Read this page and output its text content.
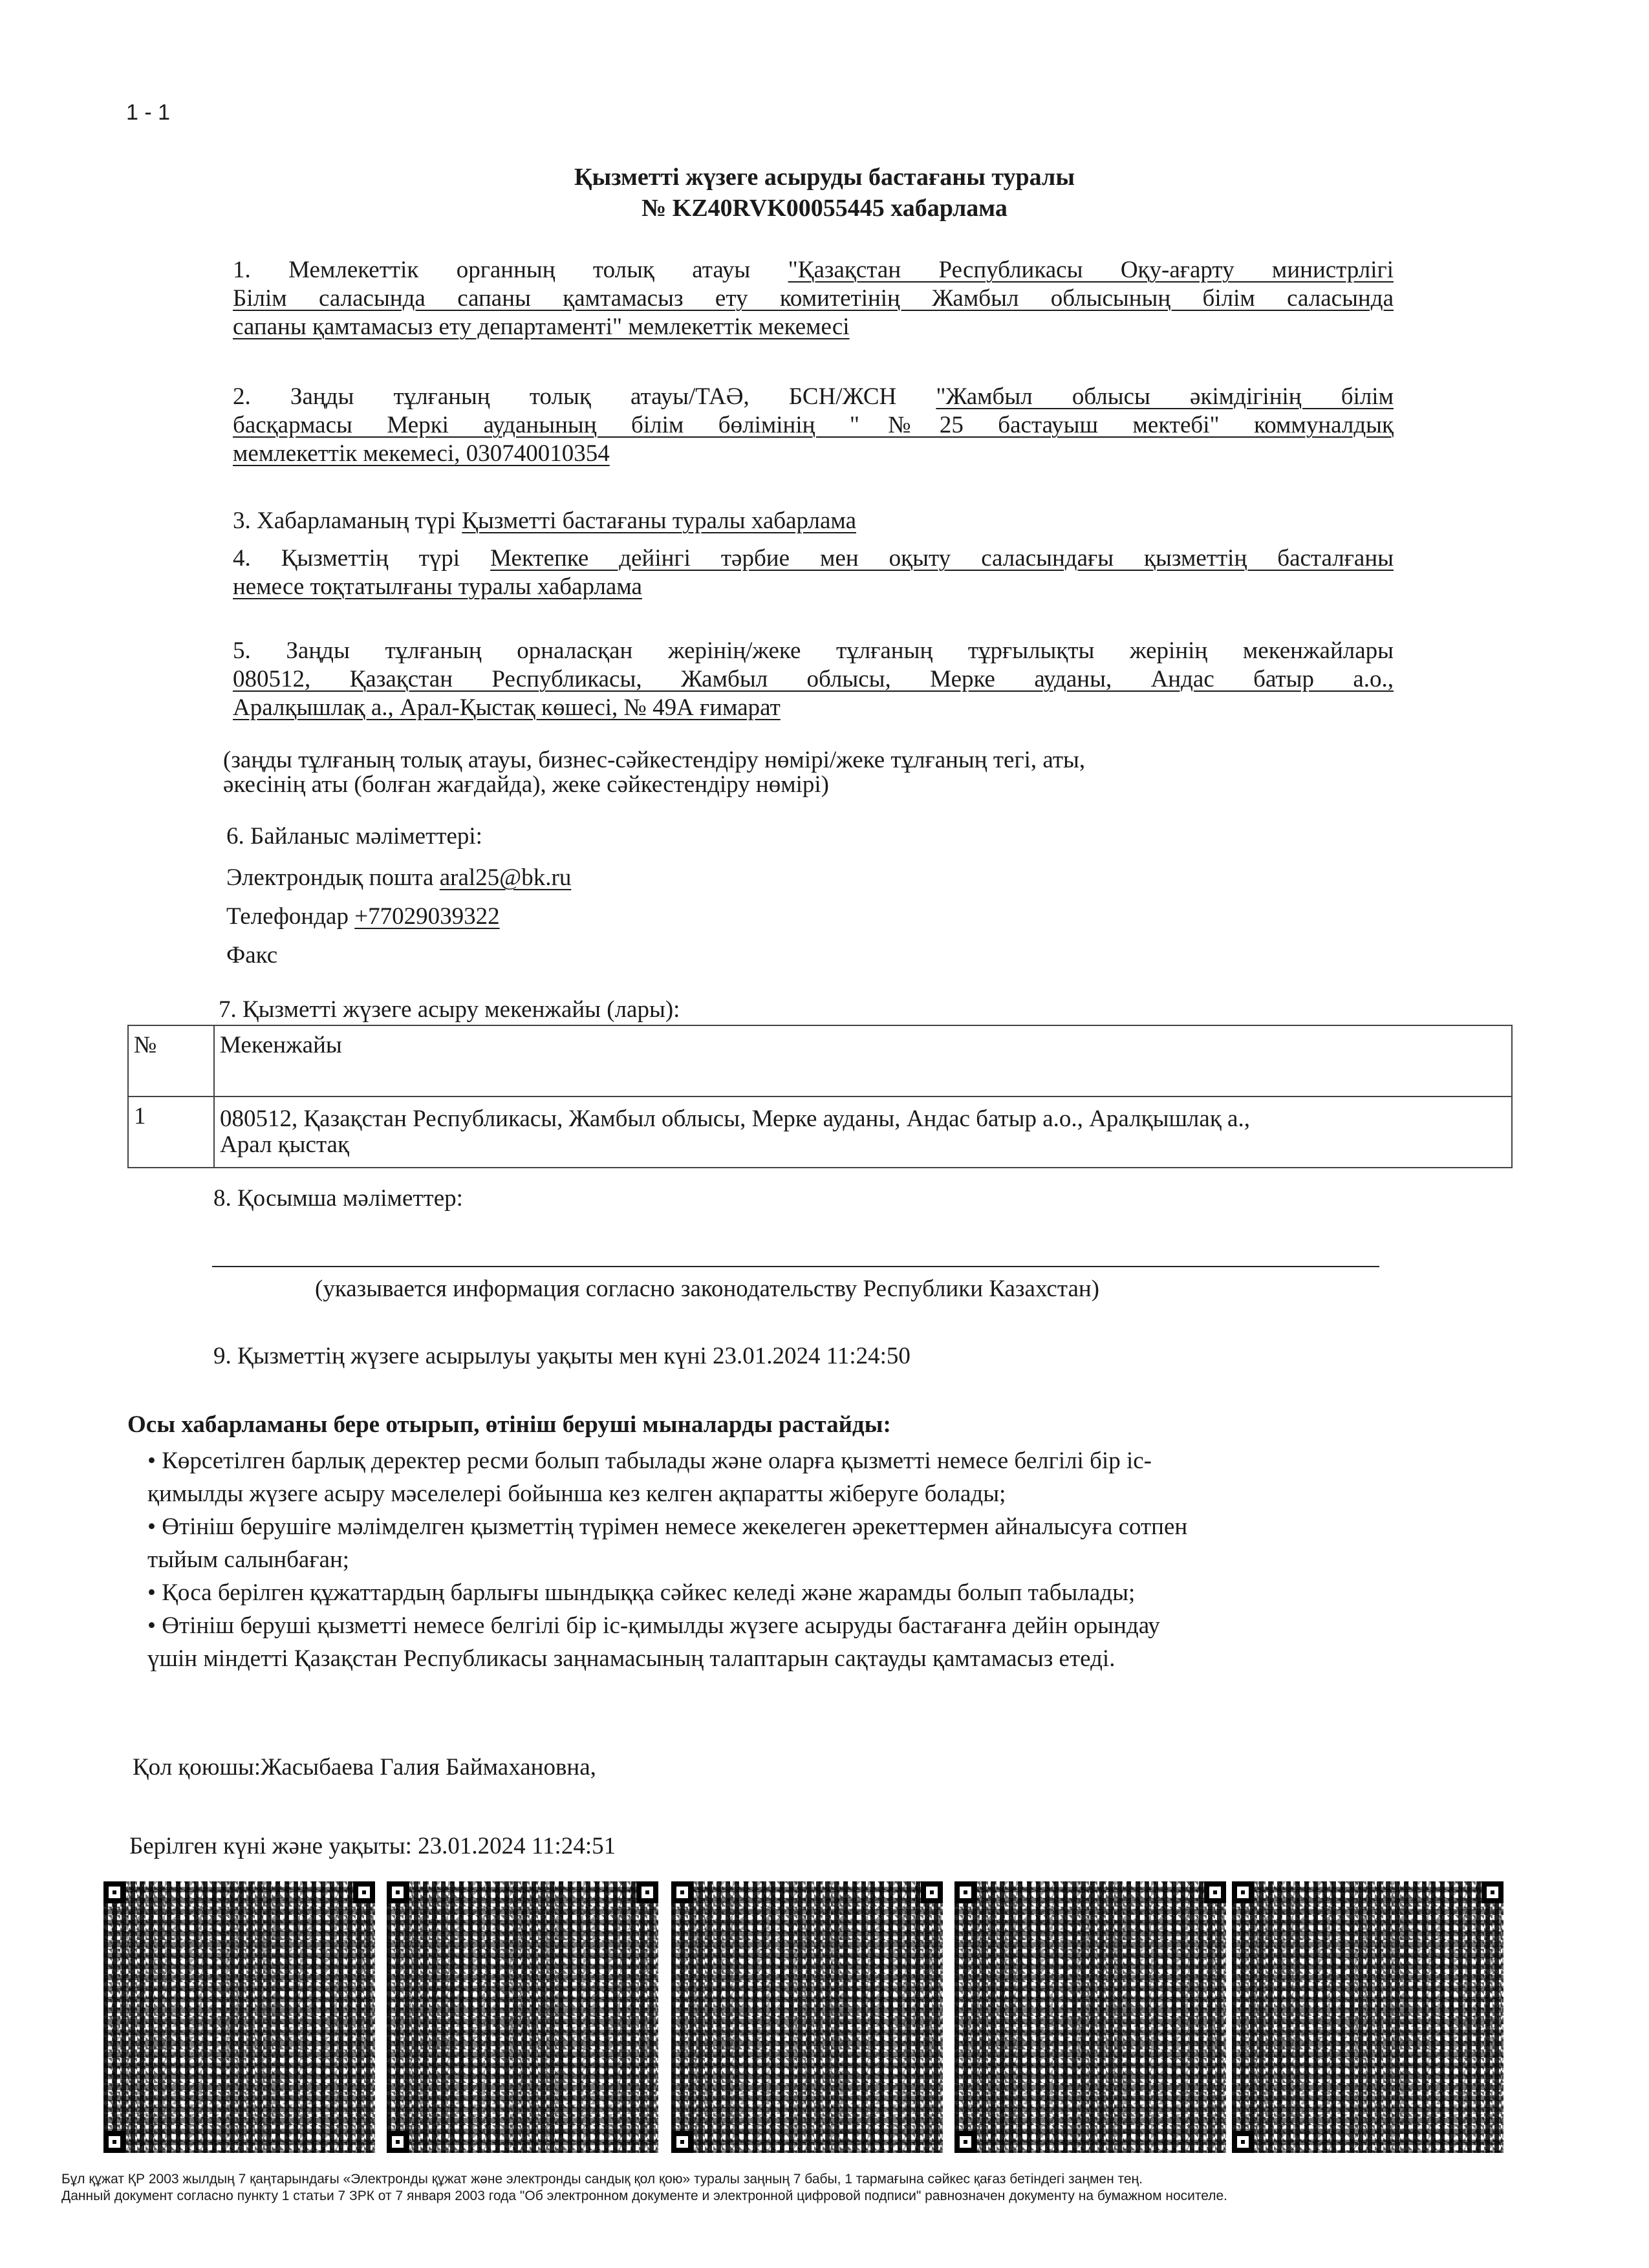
1 - 1
Қызметті жүзеге асыруды бастағаны туралы
№ KZ40RVK00055445 хабарлама
1. Мемлекеттік органның толық атауы "Қазақстан Республикасы Оқу-ағарту министрлігі
Білім саласында сапаны қамтамасыз ету комитетінің Жамбыл облысының білім саласында
сапаны қамтамасыз ету департаменті" мемлекеттік мекемесі
2. Заңды тұлғаның толық атауы/ТАӘ, БСН/ЖСН "Жамбыл облысы әкімдігінің білім
басқармасы Меркі ауданының білім бөлімінің "№25 бастауыш мектебі" коммуналдық
мемлекеттік мекемесі, 030740010354
3. Хабарламаның түрі Қызметті бастағаны туралы хабарлама
4. Қызметтің түрі Мектепке дейінгі тәрбие мен оқыту саласындағы қызметтің басталғаны
немесе тоқтатылғаны туралы хабарлама
5. Заңды тұлғаның орналасқан жерінің/жеке тұлғаның тұрғылықты жерінің мекенжайлары
080512, Қазақстан Республикасы, Жамбыл облысы, Мерке ауданы, Андас батыр а.о.,
Аралқышлақ а., Арал-Қыстақ көшесі, № 49А ғимарат
(заңды тұлғаның толық атауы, бизнес-сәйкестендіру нөмірі/жеке тұлғаның тегі, аты,
әкесінің аты (болған жағдайда), жеке сәйкестендіру нөмірі)
6. Байланыс мәліметтері:
Электрондық пошта aral25@bk.ru
Телефондар +77029039322
Факс
7. Қызметті жүзеге асыру мекенжайы (лары):
№	Мекенжайы
1	080512, Қазақстан Республикасы, Жамбыл облысы, Мерке ауданы, Андас батыр а.о., Аралқышлақ а.,
Арал қыстақ
8. Қосымша мәліметтер:
(указывается информация согласно законодательству Республики Казахстан)
9. Қызметтің жүзеге асырылуы уақыты мен күні 23.01.2024 11:24:50
Осы хабарламаны бере отырып, өтініш беруші мыналарды растайды:
• Көрсетілген барлық деректер ресми болып табылады және оларға қызметті немесе белгілі бір іс-
қимылды жүзеге асыру мәселелері бойынша кез келген ақпаратты жіберуге болады;
• Өтініш берушіге мәлімделген қызметтің түрімен немесе жекелеген әрекеттермен айналысуға сотпен
тыйым салынбаған;
• Қоса берілген құжаттардың барлығы шындыққа сәйкес келеді және жарамды болып табылады;
• Өтініш беруші қызметті немесе белгілі бір іс-қимылды жүзеге асыруды бастағанға дейін орындау
үшін міндетті Қазақстан Республикасы заңнамасының талаптарын сақтауды қамтамасыз етеді.
Қол қоюшы:Жасыбаева Галия Баймахановна,
Берілген күні және уақыты: 23.01.2024 11:24:51
Бұл құжат ҚР 2003 жылдың 7 қаңтарындағы «Электронды құжат және электронды сандық қол қою» туралы заңның 7 бабы, 1 тармағына сәйкес қағаз бетіндегі заңмен тең.
Данный документ согласно пункту 1 статьи 7 ЗРК от 7 января 2003 года "Об электронном документе и электронной цифровой подписи" равнозначен документу на бумажном носителе.
